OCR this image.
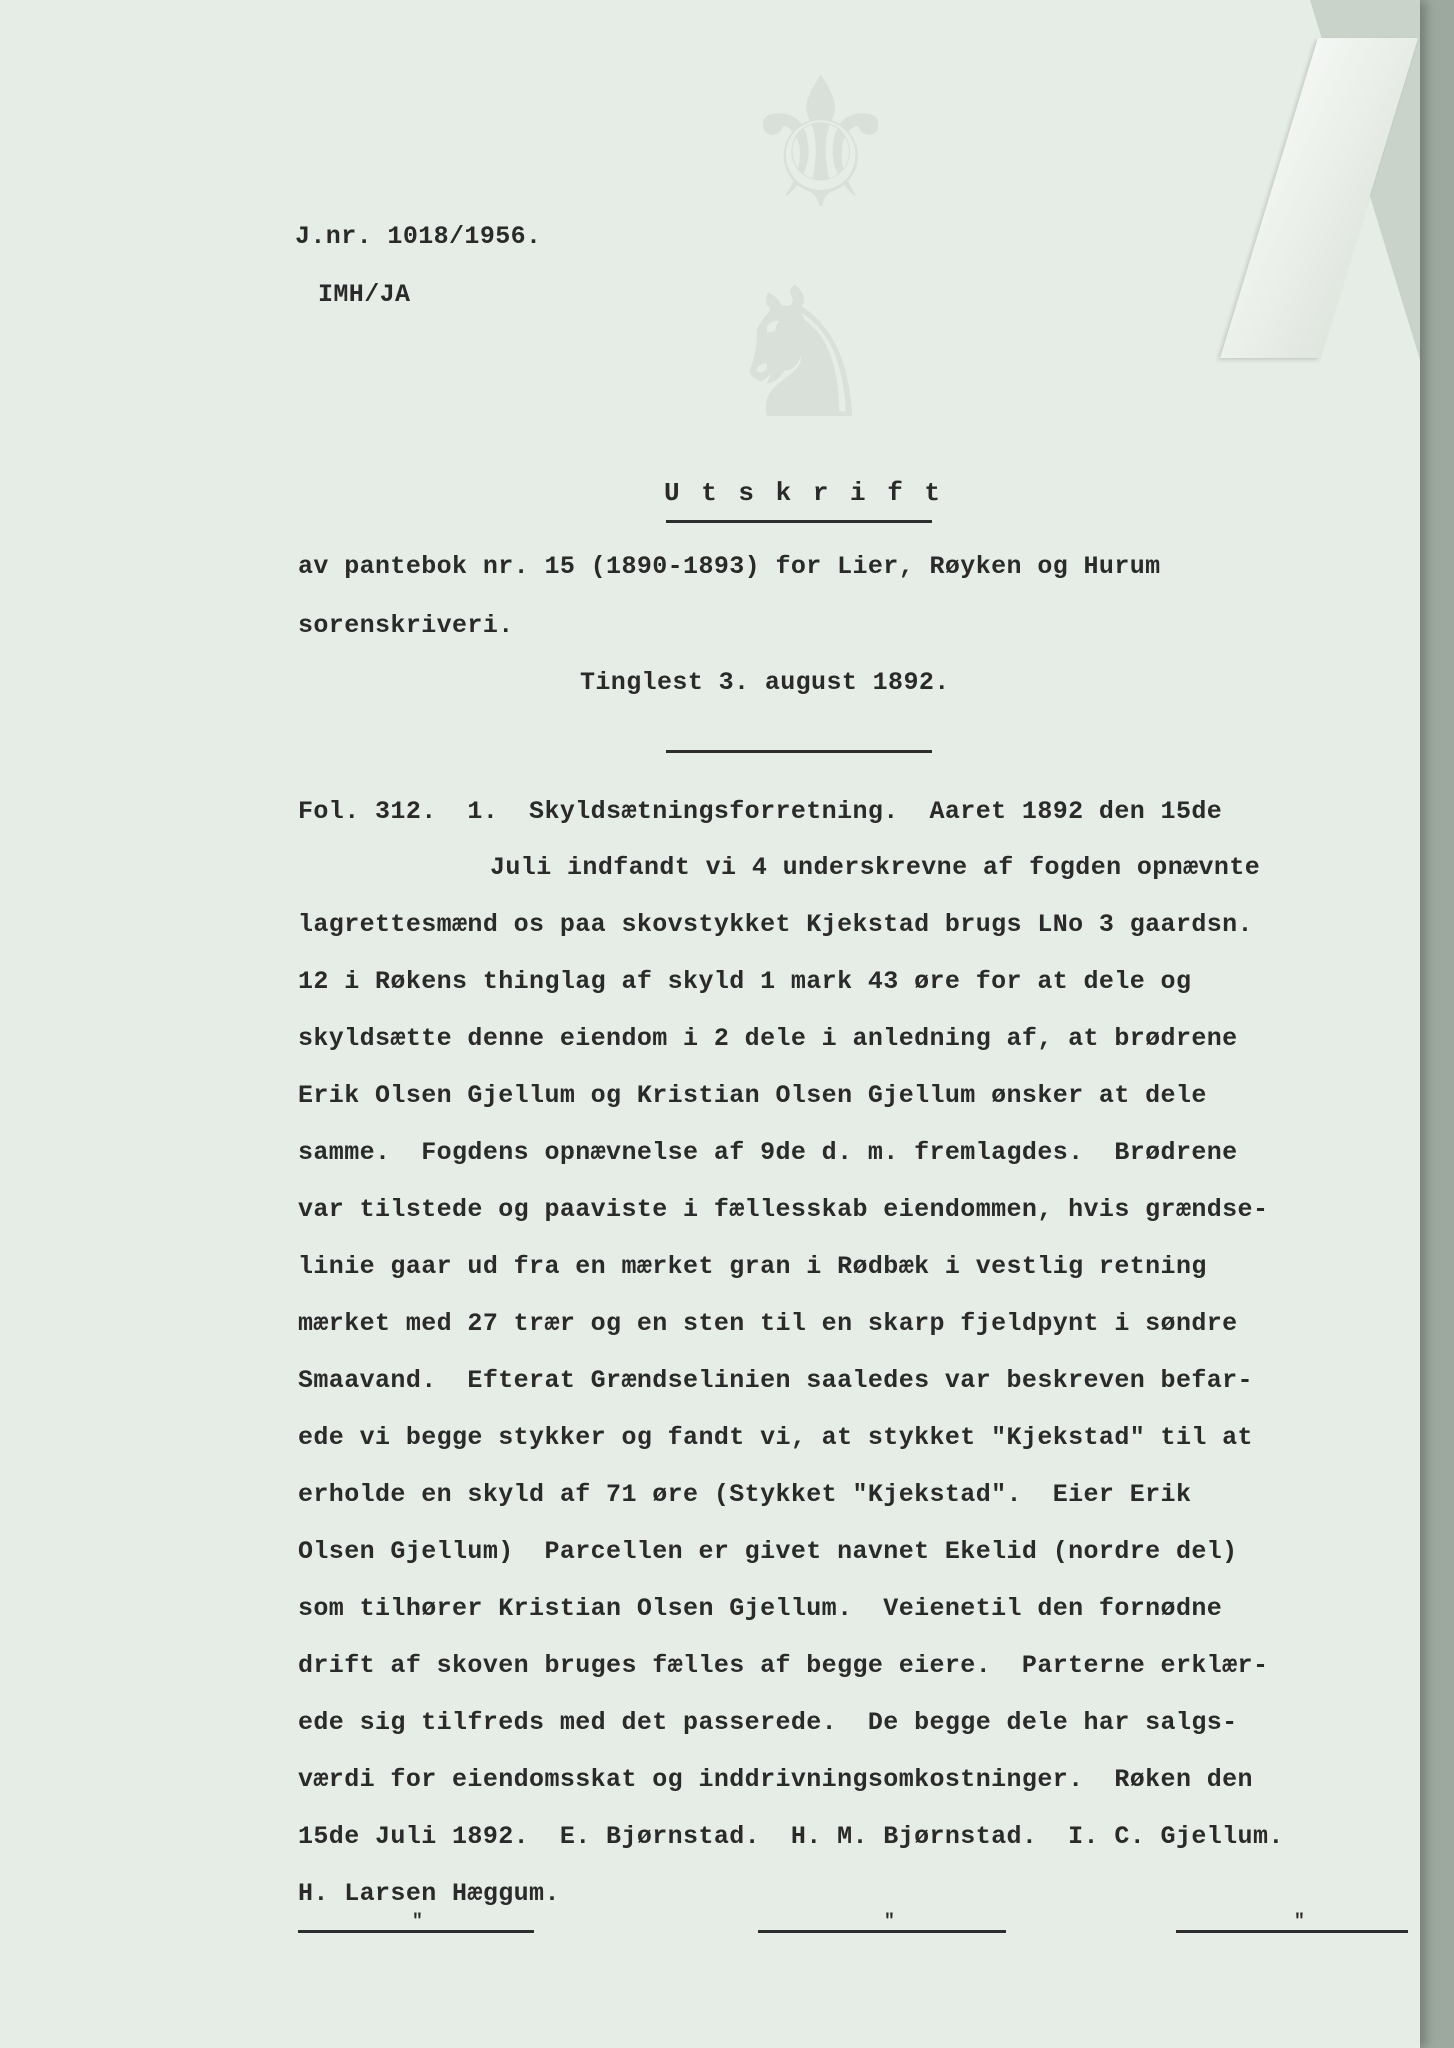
⚜
♞
J.nr. 1018/1956.
IMH/JA
U t s k r i f t
av pantebok nr. 15 (1890-1893) for Lier, Røyken og Hurum
sorenskriveri.
Tinglest 3. august 1892.
Fol. 312.  1.  Skyldsætningsforretning.  Aaret 1892 den 15de
Juli indfandt vi 4 underskrevne af fogden opnævnte
lagrettesmænd os paa skovstykket Kjekstad brugs LNo 3 gaardsn.
12 i Røkens thinglag af skyld 1 mark 43 øre for at dele og
skyldsætte denne eiendom i 2 dele i anledning af, at brødrene
Erik Olsen Gjellum og Kristian Olsen Gjellum ønsker at dele
samme.  Fogdens opnævnelse af 9de d. m. fremlagdes.  Brødrene
var tilstede og paaviste i fællesskab eiendommen, hvis grændse-
linie gaar ud fra en mærket gran i Rødbæk i vestlig retning
mærket med 27 trær og en sten til en skarp fjeldpynt i søndre
Smaavand.  Efterat Grændselinien saaledes var beskreven befar-
ede vi begge stykker og fandt vi, at stykket "Kjekstad" til at
erholde en skyld af 71 øre (Stykket "Kjekstad".  Eier Erik
Olsen Gjellum)  Parcellen er givet navnet Ekelid (nordre del)
som tilhører Kristian Olsen Gjellum.  Veienetil den fornødne
drift af skoven bruges fælles af begge eiere.  Parterne erklær-
ede sig tilfreds med det passerede.  De begge dele har salgs-
værdi for eiendomsskat og inddrivningsomkostninger.  Røken den
15de Juli 1892.  E. Bjørnstad.  H. M. Bjørnstad.  I. C. Gjellum.
H. Larsen Hæggum.
"	"	"
